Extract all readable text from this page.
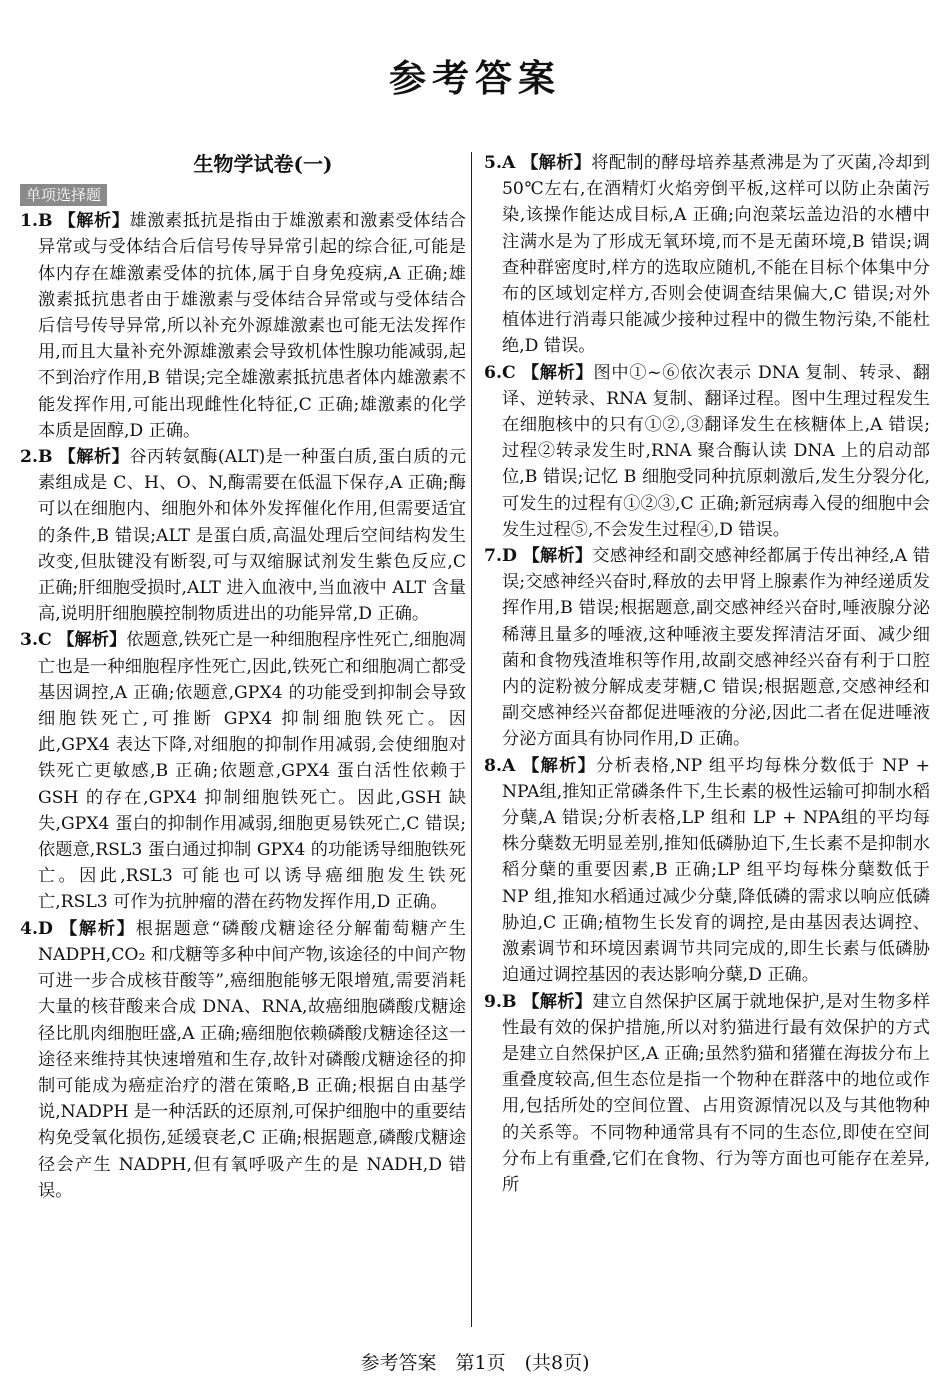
参考答案
生物学试卷(一)
单项选择题

1.B 【解析】雄激素抵抗是指由于雄激素和激素受体结合异常或与受体结合后信号传导异常引起的综合征,可能是体内存在雄激素受体的抗体,属于自身免疫病,A 正确;雄激素抵抗患者由于雄激素与受体结合异常或与受体结合后信号传导异常,所以补充外源雄激素也可能无法发挥作用,而且大量补充外源雄激素会导致机体性腺功能减弱,起不到治疗作用,B 错误;完全雄激素抵抗患者体内雄激素不能发挥作用,可能出现雌性化特征,C 正确;雄激素的化学本质是固醇,D 正确。

2.B 【解析】谷丙转氨酶(ALT)是一种蛋白质,蛋白质的元素组成是 C、H、O、N,酶需要在低温下保存,A 正确;酶可以在细胞内、细胞外和体外发挥催化作用,但需要适宜的条件,B 错误;ALT 是蛋白质,高温处理后空间结构发生改变,但肽键没有断裂,可与双缩脲试剂发生紫色反应,C 正确;肝细胞受损时,ALT 进入血液中,当血液中 ALT 含量高,说明肝细胞膜控制物质进出的功能异常,D 正确。

3.C 【解析】依题意,铁死亡是一种细胞程序性死亡,细胞凋亡也是一种细胞程序性死亡,因此,铁死亡和细胞凋亡都受基因调控,A 正确;依题意,GPX4 的功能受到抑制会导致细胞铁死亡,可推断 GPX4 抑制细胞铁死亡。因此,GPX4 表达下降,对细胞的抑制作用减弱,会使细胞对铁死亡更敏感,B 正确;依题意,GPX4 蛋白活性依赖于 GSH 的存在,GPX4 抑制细胞铁死亡。因此,GSH 缺失,GPX4 蛋白的抑制作用减弱,细胞更易铁死亡,C 错误;依题意,RSL3 蛋白通过抑制 GPX4 的功能诱导细胞铁死亡。因此,RSL3 可能也可以诱导癌细胞发生铁死亡,RSL3 可作为抗肿瘤的潜在药物发挥作用,D 正确。

4.D 【解析】根据题意“磷酸戊糖途径分解葡萄糖产生 NADPH,CO₂ 和戊糖等多种中间产物,该途径的中间产物可进一步合成核苷酸等”,癌细胞能够无限增殖,需要消耗大量的核苷酸来合成 DNA、RNA,故癌细胞磷酸戊糖途径比肌肉细胞旺盛,A 正确;癌细胞依赖磷酸戊糖途径这一途径来维持其快速增殖和生存,故针对磷酸戊糖途径的抑制可能成为癌症治疗的潜在策略,B 正确;根据自由基学说,NADPH 是一种活跃的还原剂,可保护细胞中的重要结构免受氧化损伤,延缓衰老,C 正确;根据题意,磷酸戊糖途径会产生 NADPH,但有氧呼吸产生的是 NADH,D 错误。

5.A 【解析】将配制的酵母培养基煮沸是为了灭菌,冷却到 50℃左右,在酒精灯火焰旁倒平板,这样可以防止杂菌污染,该操作能达成目标,A 正确;向泡菜坛盖边沿的水槽中注满水是为了形成无氧环境,而不是无菌环境,B 错误;调查种群密度时,样方的选取应随机,不能在目标个体集中分布的区域划定样方,否则会使调查结果偏大,C 错误;对外植体进行消毒只能减少接种过程中的微生物污染,不能杜绝,D 错误。

6.C 【解析】图中①~⑥依次表示 DNA 复制、转录、翻译、逆转录、RNA 复制、翻译过程。图中生理过程发生在细胞核中的只有①②,③翻译发生在核糖体上,A 错误;过程②转录发生时,RNA 聚合酶认读 DNA 上的启动部位,B 错误;记忆 B 细胞受同种抗原刺激后,发生分裂分化,可发生的过程有①②③,C 正确;新冠病毒入侵的细胞中会发生过程⑤,不会发生过程④,D 错误。

7.D 【解析】交感神经和副交感神经都属于传出神经,A 错误;交感神经兴奋时,释放的去甲肾上腺素作为神经递质发挥作用,B 错误;根据题意,副交感神经兴奋时,唾液腺分泌稀薄且量多的唾液,这种唾液主要发挥清洁牙面、减少细菌和食物残渣堆积等作用,故副交感神经兴奋有利于口腔内的淀粉被分解成麦芽糖,C 错误;根据题意,交感神经和副交感神经兴奋都促进唾液的分泌,因此二者在促进唾液分泌方面具有协同作用,D 正确。

8.A 【解析】分析表格,NP 组平均每株分数低于 NP + NPA组,推知正常磷条件下,生长素的极性运输可抑制水稻分蘖,A 错误;分析表格,LP 组和 LP + NPA组的平均每株分蘖数无明显差别,推知低磷胁迫下,生长素不是抑制水稻分蘖的重要因素,B 正确;LP 组平均每株分蘖数低于 NP 组,推知水稻通过减少分蘖,降低磷的需求以响应低磷胁迫,C 正确;植物生长发育的调控,是由基因表达调控、激素调节和环境因素调节共同完成的,即生长素与低磷胁迫通过调控基因的表达影响分蘖,D 正确。

9.B 【解析】建立自然保护区属于就地保护,是对生物多样性最有效的保护措施,所以对豹猫进行最有效保护的方式是建立自然保护区,A 正确;虽然豹猫和猪獾在海拔分布上重叠度较高,但生态位是指一个物种在群落中的地位或作用,包括所处的空间位置、占用资源情况以及与其他物种的关系等。不同物种通常具有不同的生态位,即使在空间分布上有重叠,它们在食物、行为等方面也可能存在差异,所

参考答案　第1页　(共8页)
